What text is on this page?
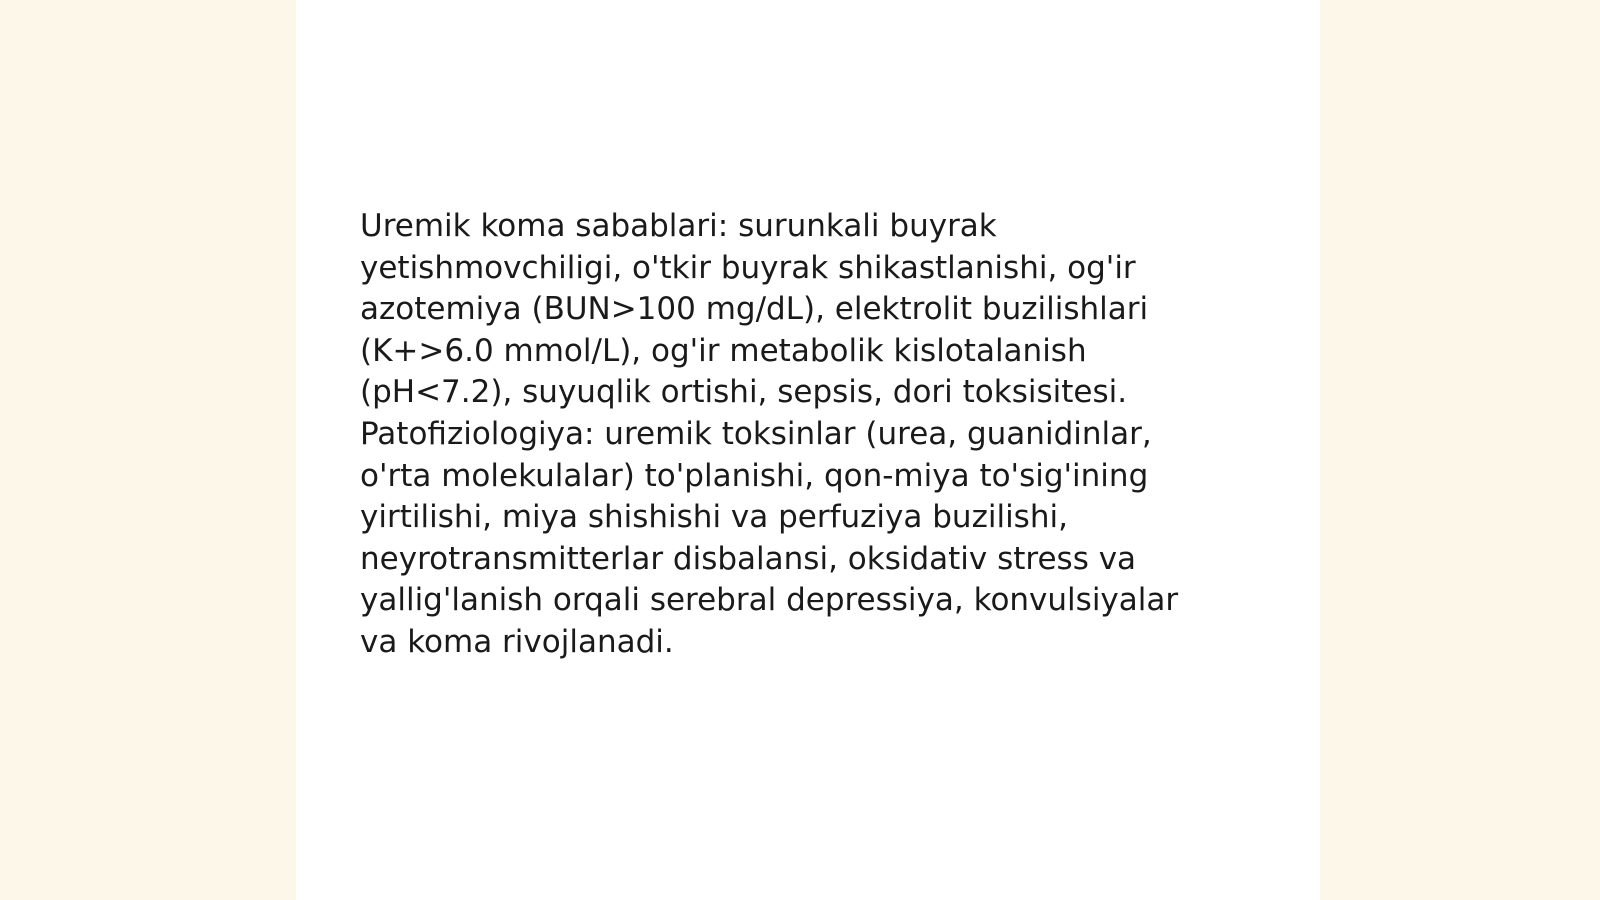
Uremik koma sabablari: surunkali buyrak
yetishmovchiligi, o'tkir buyrak shikastlanishi, og'ir
azotemiya (BUN>100 mg/dL), elektrolit buzilishlari
(K+>6.0 mmol/L), og'ir metabolik kislotalanish
(pH<7.2), suyuqlik ortishi, sepsis, dori toksisitesi.
Patofiziologiya: uremik toksinlar (urea, guanidinlar,
o'rta molekulalar) to'planishi, qon-miya to'sig'ining
yirtilishi, miya shishishi va perfuziya buzilishi,
neyrotransmitterlar disbalansi, oksidativ stress va
yallig'lanish orqali serebral depressiya, konvulsiyalar
va koma rivojlanadi.
